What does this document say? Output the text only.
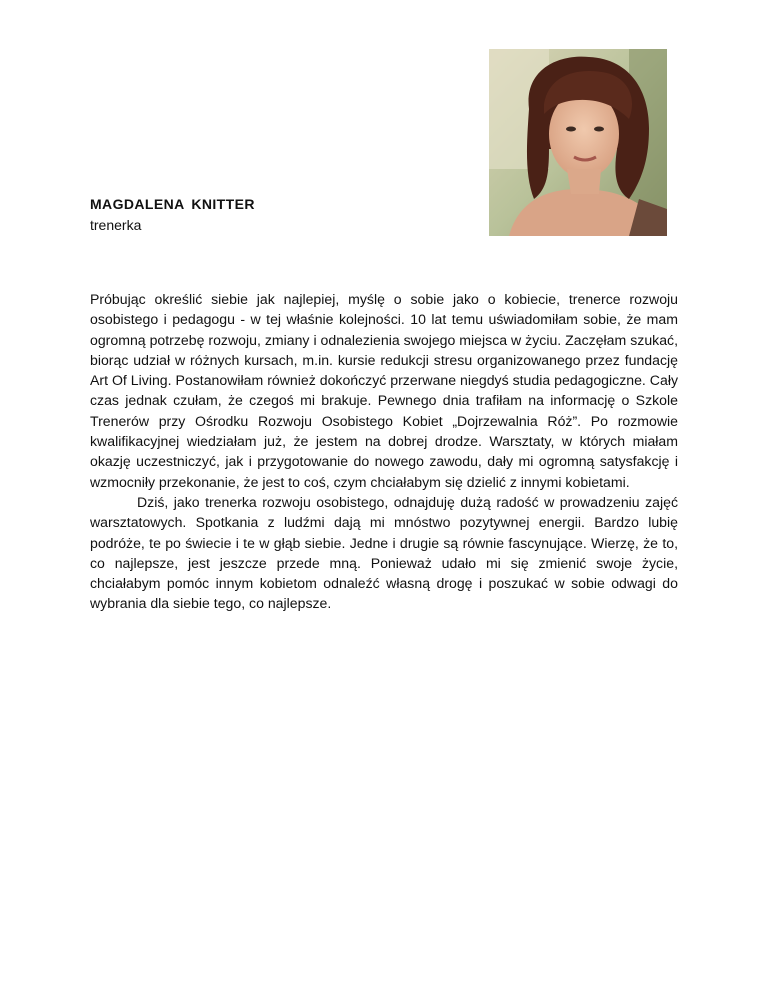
MAGDALENA KNITTER
trenerka

Próbując określić siebie jak najlepiej, myślę o sobie jako o kobiecie, trenerce rozwoju osobistego i pedagogu - w tej właśnie kolejności. 10 lat temu uświadomiłam sobie, że mam ogromną potrzebę rozwoju, zmiany i odnalezienia swojego miejsca w życiu. Zaczęłam szukać, biorąc udział w różnych kursach, m.in. kursie redukcji stresu organizowanego przez fundację Art Of Living. Postanowiłam również dokończyć przerwane niegdyś studia pedagogiczne. Cały czas jednak czułam, że czegoś mi brakuje. Pewnego dnia trafiłam na informację o Szkole Trenerów przy Ośrodku Rozwoju Osobistego Kobiet „Dojrzewalnia Róż”. Po rozmowie kwalifikacyjnej wiedziałam już, że jestem na dobrej drodze. Warsztaty, w których miałam okazję uczestniczyć, jak i przygotowanie do nowego zawodu, dały mi ogromną satysfakcję i wzmocniły przekonanie, że jest to coś, czym chciałabym się dzielić z innymi kobietami.

Dziś, jako trenerka rozwoju osobistego, odnajduję dużą radość w prowadzeniu zajęć warsztatowych. Spotkania z ludźmi dają mi mnóstwo pozytywnej energii. Bardzo lubię podróże, te po świecie i te w głąb siebie. Jedne i drugie są równie fascynujące. Wierzę, że to, co najlepsze, jest jeszcze przede mną. Ponieważ udało mi się zmienić swoje życie, chciałabym pomóc innym kobietom odnaleźć własną drogę i poszukać w sobie odwagi do wybrania dla siebie tego, co najlepsze.
